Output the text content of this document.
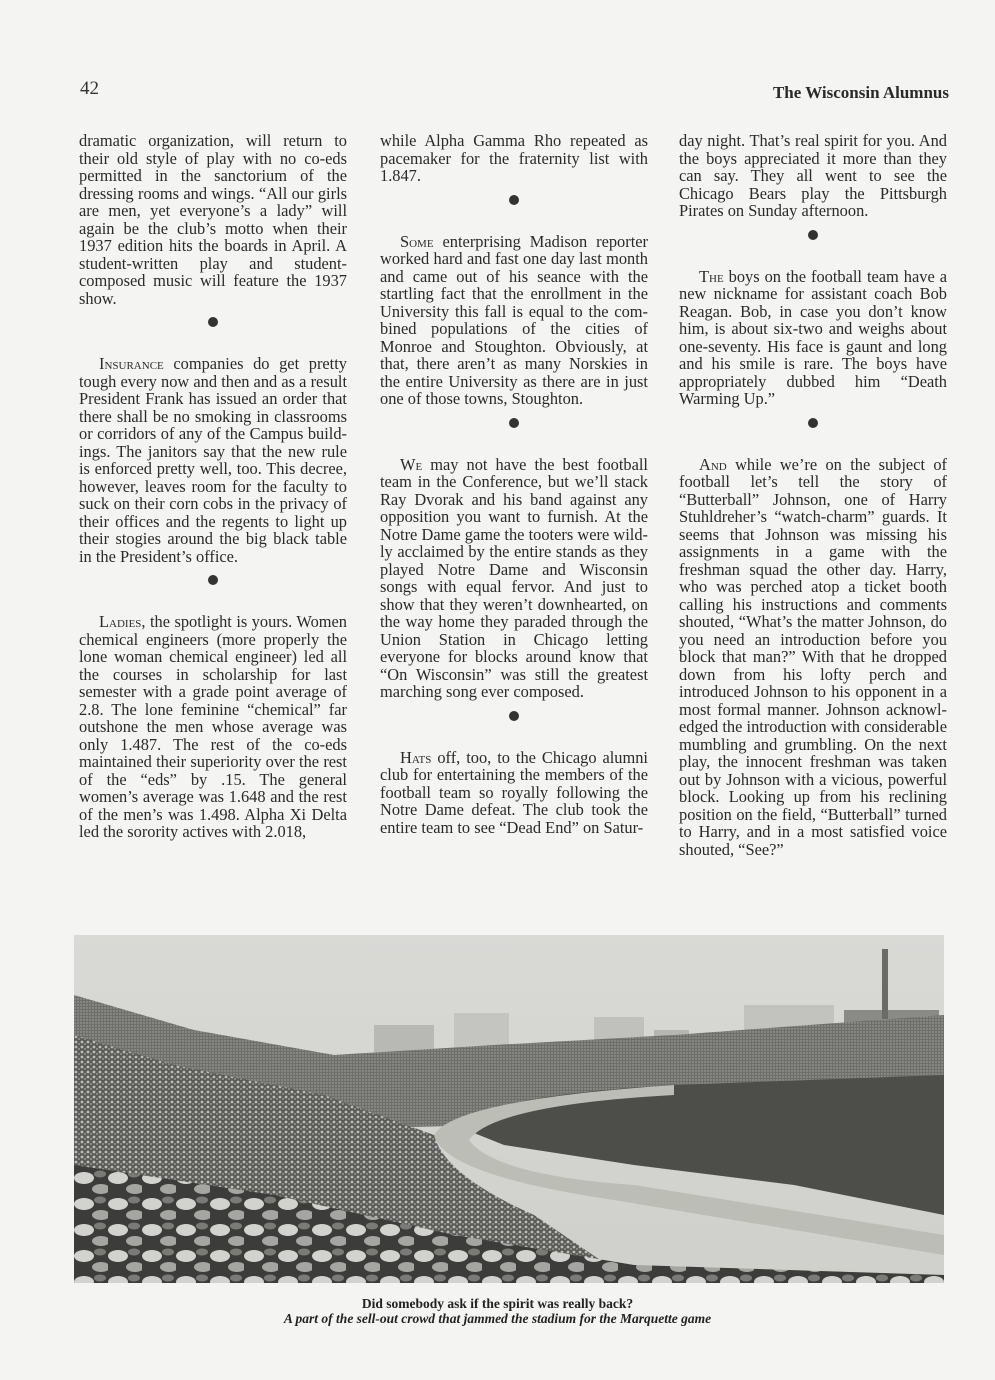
42	The Wisconsin Alumnus

dramatic organization, will return to their old style of play with no co-eds permitted in the sanctorium of the dressing rooms and wings. “All our girls are men, yet everyone’s a lady” will again be the club’s motto when their 1937 edition hits the boards in April. A student-written play and student-composed music will feature the 1937 show.

Insurance companies do get pretty tough every now and then and as a result President Frank has issued an order that there shall be no smoking in classrooms or corridors of any of the Campus buildings. The janitors say that the new rule is enforced pretty well, too. This decree, however, leaves room for the faculty to suck on their corn cobs in the privacy of their offices and the regents to light up their stogies around the big black table in the President’s office.

Ladies, the spotlight is yours. Women chemical engineers (more properly the lone woman chemical engineer) led all the courses in scholarship for last semester with a grade point average of 2.8. The lone feminine “chemical” far outshone the men whose average was only 1.487. The rest of the co-eds maintained their superiority over the rest of the “eds” by .15. The general women’s average was 1.648 and the rest of the men’s was 1.498. Alpha Xi Delta led the sorority actives with 2.018,

while Alpha Gamma Rho repeated as pacemaker for the fraternity list with 1.847.

Some enterprising Madison reporter worked hard and fast one day last month and came out of his seance with the startling fact that the enrollment in the University this fall is equal to the combined populations of the cities of Monroe and Stoughton. Obviously, at that, there aren’t as many Norskies in the entire University as there are in just one of those towns, Stoughton.

We may not have the best football team in the Conference, but we’ll stack Ray Dvorak and his band against any opposition you want to furnish. At the Notre Dame game the tooters were wildly acclaimed by the entire stands as they played Notre Dame and Wisconsin songs with equal fervor. And just to show that they weren’t downhearted, on the way home they paraded through the Union Station in Chicago letting everyone for blocks around know that “On Wisconsin” was still the greatest marching song ever composed.

Hats off, too, to the Chicago alumni club for entertaining the members of the football team so royally following the Notre Dame defeat. The club took the entire team to see “Dead End” on Satur-

day night. That’s real spirit for you. And the boys appreciated it more than they can say. They all went to see the Chicago Bears play the Pittsburgh Pirates on Sunday afternoon.

The boys on the football team have a new nickname for assistant coach Bob Reagan. Bob, in case you don’t know him, is about six-two and weighs about one-seventy. His face is gaunt and long and his smile is rare. The boys have appropriately dubbed him “Death Warming Up.”

And while we’re on the subject of football let’s tell the story of “Butterball” Johnson, one of Harry Stuhldreher’s “watch-charm” guards. It seems that Johnson was missing his assignments in a game with the freshman squad the other day. Harry, who was perched atop a ticket booth calling his instructions and comments shouted, “What’s the matter Johnson, do you need an introduction before you block that man?” With that he dropped down from his lofty perch and introduced Johnson to his opponent in a most formal manner. Johnson acknowledged the introduction with considerable mumbling and grumbling. On the next play, the innocent freshman was taken out by Johnson with a vicious, powerful block. Looking up from his reclining position on the field, “Butterball” turned to Harry, and in a most satisfied voice shouted, “See?”

Did somebody ask if the spirit was really back?
A part of the sell-out crowd that jammed the stadium for the Marquette game
